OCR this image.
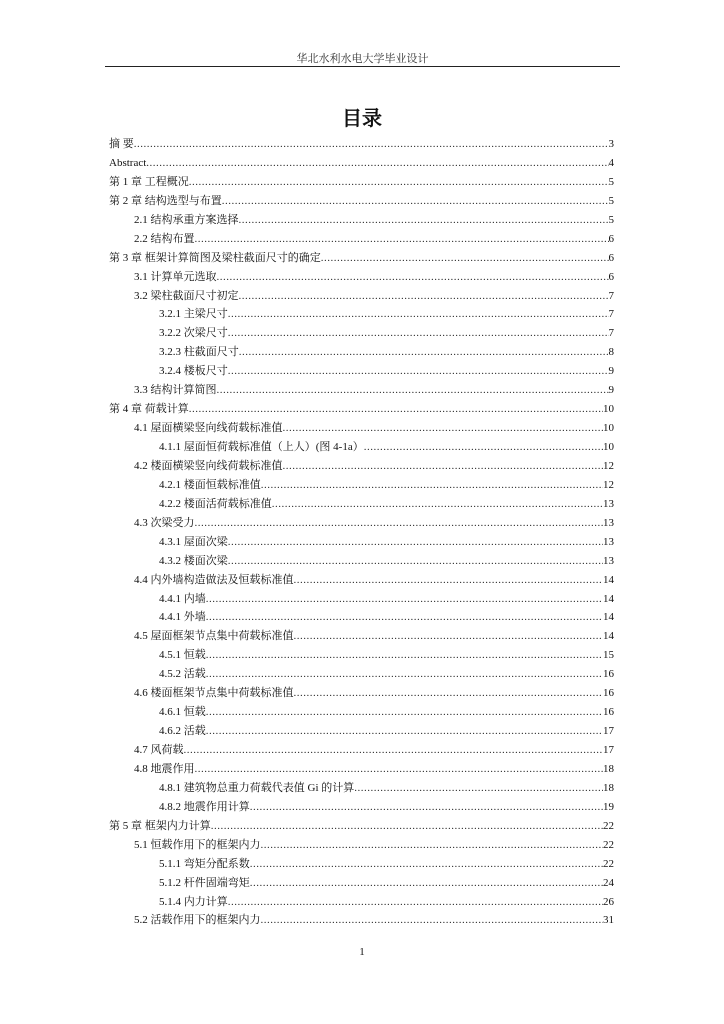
华北水利水电大学毕业设计
目录
摘 要 .....	3
Abstract .....	4
第 1 章 工程概况 .....	5
第 2 章 结构选型与布置 .....	5
2.1 结构承重方案选择 .....	5
2.2 结构布置 .....	6
第 3 章 框架计算简图及梁柱截面尺寸的确定 .....	6
3.1 计算单元选取 .....	6
3.2 梁柱截面尺寸初定 .....	7
3.2.1 主梁尺寸 .....	7
3.2.2 次梁尺寸 .....	7
3.2.3 柱截面尺寸 .....	8
3.2.4 楼板尺寸 .....	9
3.3 结构计算简图 .....	9
第 4 章 荷载计算 .....	10
4.1 屋面横梁竖向线荷载标准值 .....	10
4.1.1 屋面恒荷载标准值（上人）(图 4-1a） .....	10
4.2 楼面横梁竖向线荷载标准值 .....	12
4.2.1 楼面恒载标准值 .....	12
4.2.2 楼面活荷载标准值 .....	13
4.3 次梁受力 .....	13
4.3.1 屋面次梁 .....	13
4.3.2 楼面次梁 .....	13
4.4 内外墙构造做法及恒载标准值 .....	14
4.4.1 内墙 .....	14
4.4.1 外墙 .....	14
4.5 屋面框架节点集中荷载标准值 .....	14
4.5.1 恒载 .....	15
4.5.2 活载 .....	16
4.6 楼面框架节点集中荷载标准值 .....	16
4.6.1 恒载 .....	16
4.6.2 活载 .....	17
4.7 风荷载 .....	17
4.8 地震作用 .....	18
4.8.1 建筑物总重力荷载代表值 Gi 的计算 .....	18
4.8.2 地震作用计算 .....	19
第 5 章 框架内力计算 .....	22
5.1 恒载作用下的框架内力 .....	22
5.1.1 弯矩分配系数 .....	22
5.1.2 杆件固端弯矩 .....	24
5.1.4 内力计算 .....	26
5.2 活载作用下的框架内力 .....	31
1
